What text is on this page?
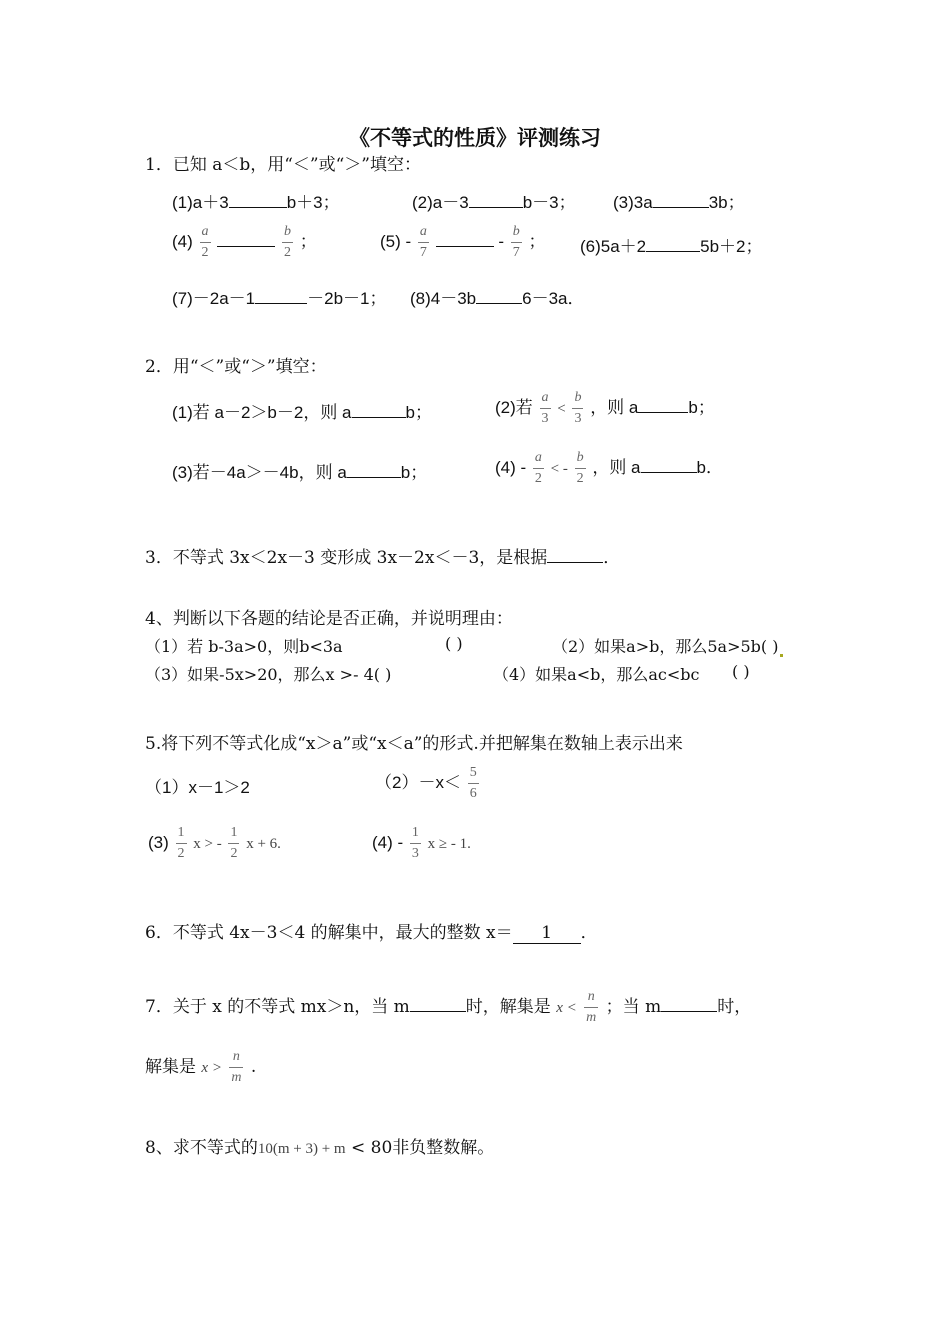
《不等式的性质》评测练习
1．已知 a＜b，用“＜”或“＞”填空：
(1)a＋3	b＋3；	(2)a－3	b－3； (3)3a	3b；
$(4) \frac{a}{2}$
	$\frac{b}{2}$ ；	$(5) - \frac{a}{7}$	- $\frac{b}{7}$ ； (6)5a＋2	5b＋2；
(7)－2a－1	－2b－1； (8)4－3b	6－3a．
2．用“＜”或“＞”填空：
(1)若 a－2＞b－2，则 a	b；	(2)若 $\frac{a}{3} < \frac{b}{3}$ ，则 a	b；
(3)若－4a＞－4b，则 a	b；	$(4) - \frac{a}{2}$ < - $\frac{b}{2}$ ，则 a	b．
3．不等式 3x＜2x－3 变形成 3x－2x＜－3，是根据	．
4、判断以下各题的结论是否正确，并说明理由：
（1）若 b-3a>0，则b<3a	( )	（2）如果a>b，那么5a>5b( )
（3）如果-5x>20，那么x >- 4( )	（4）如果a<b，那么ac<bc ( )
5.将下列不等式化成“x＞a”或“x＜a”的形式.并把解集在数轴上表示出来
（1）x－1＞2	$(2)-x< \frac{5}{6}$
$(3) \frac{1}{2}$ x > - $\frac{1}{2}$ x + 6.	$(4) - \frac{1}{3}$ x ≥ - 1.
6．不等式 4x－3＜4 的解集中，最大的整数 x＝ 1 ．
7．关于 x 的不等式 mx＞n，当 m	时，解集是 $x < \frac{n}{m}$ ；当 m	时，
解集是 $x > \frac{n}{m}$ .
8、求不等式的10(m + 3) + m < 80非负整数解。
